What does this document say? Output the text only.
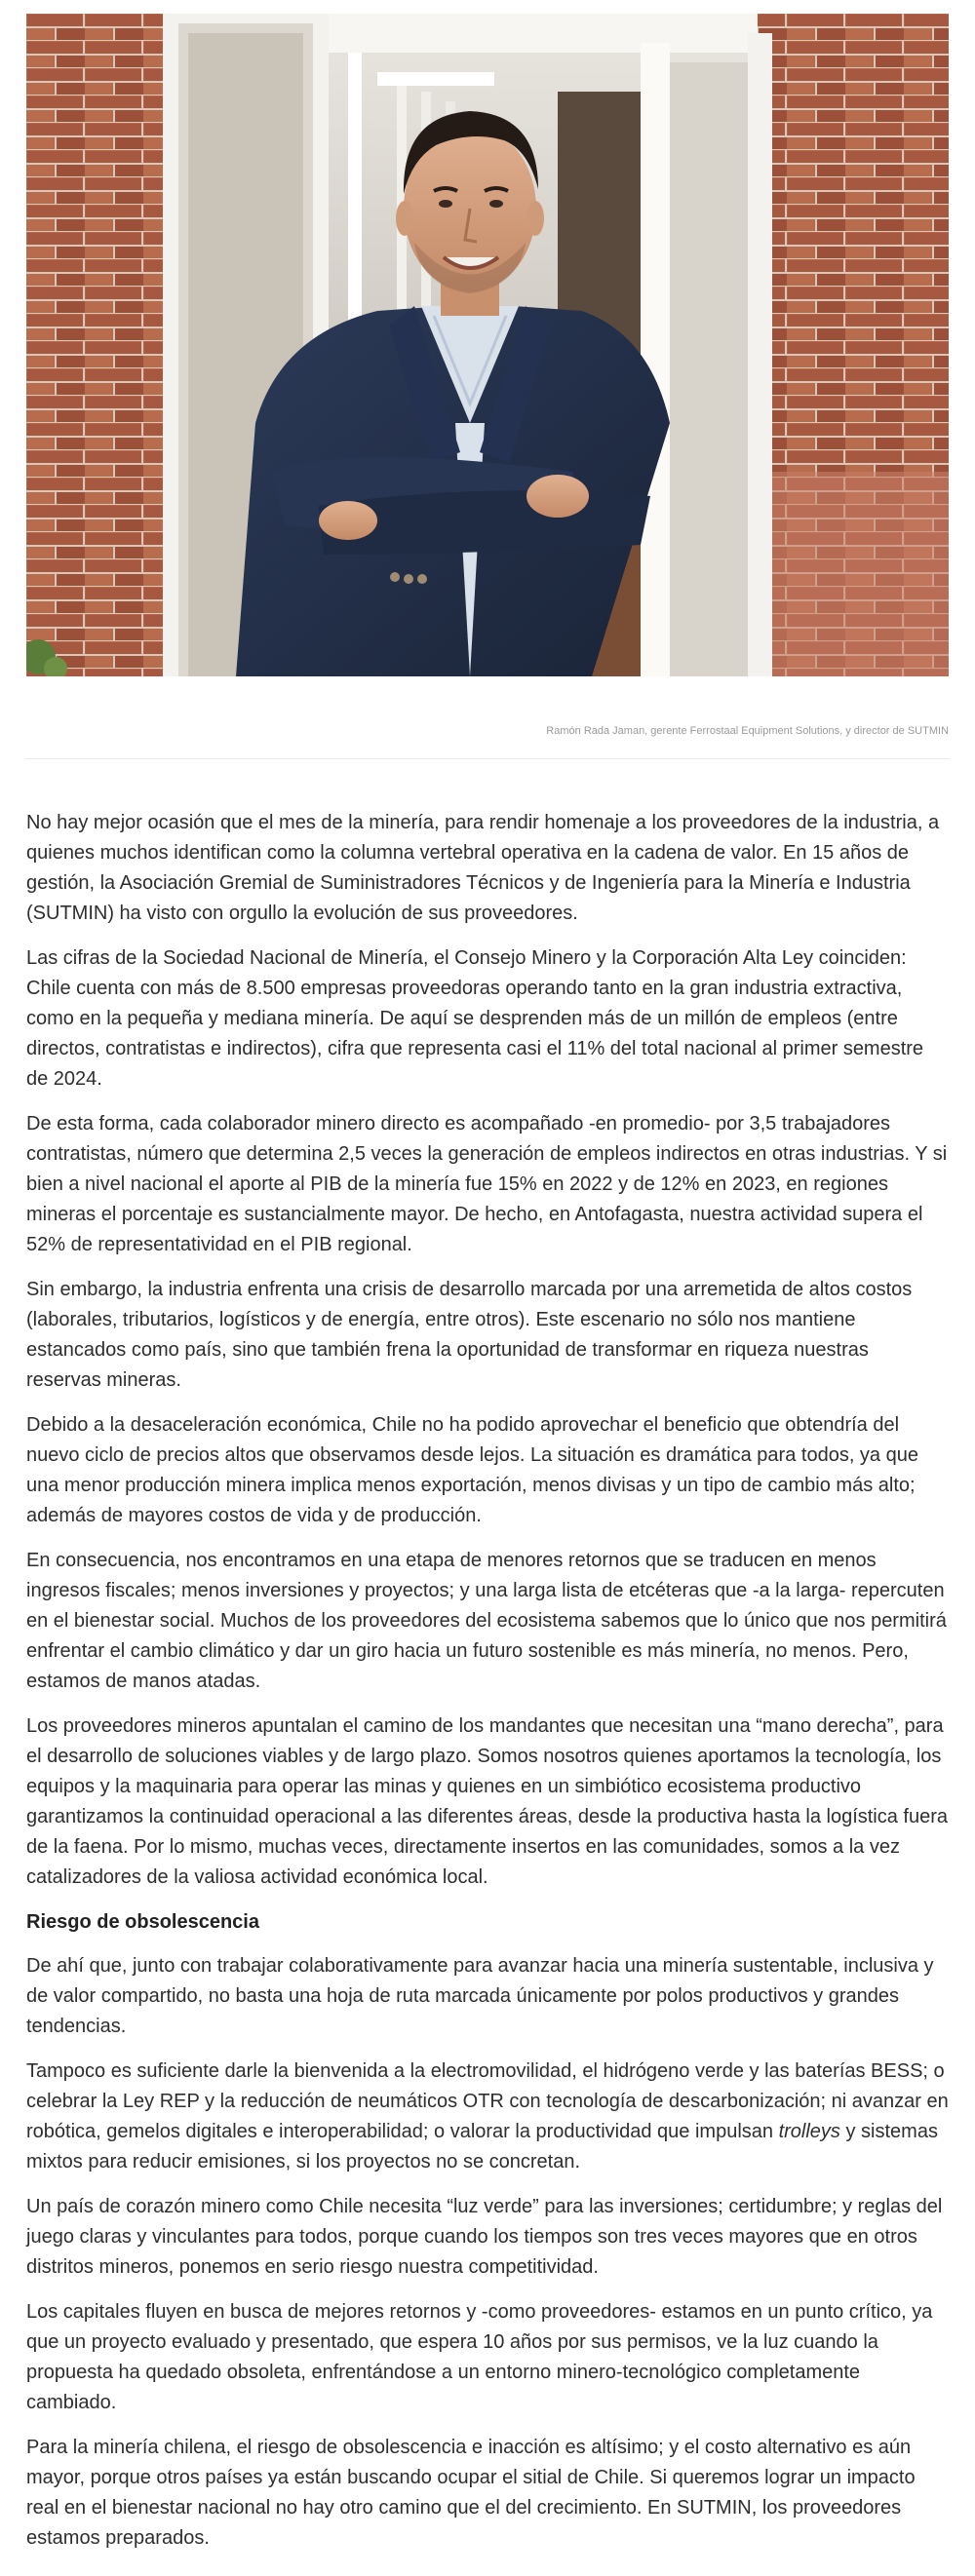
Ramón Rada Jaman, gerente Ferrostaal Equipment Solutions, y director de SUTMIN

No hay mejor ocasión que el mes de la minería, para rendir homenaje a los proveedores de la industria, a quienes muchos identifican como la columna vertebral operativa en la cadena de valor. En 15 años de gestión, la Asociación Gremial de Suministradores Técnicos y de Ingeniería para la Minería e Industria (SUTMIN) ha visto con orgullo la evolución de sus proveedores.

Las cifras de la Sociedad Nacional de Minería, el Consejo Minero y la Corporación Alta Ley coinciden: Chile cuenta con más de 8.500 empresas proveedoras operando tanto en la gran industria extractiva, como en la pequeña y mediana minería. De aquí se desprenden más de un millón de empleos (entre directos, contratistas e indirectos), cifra que representa casi el 11% del total nacional al primer semestre de 2024.

De esta forma, cada colaborador minero directo es acompañado -en promedio- por 3,5 trabajadores contratistas, número que determina 2,5 veces la generación de empleos indirectos en otras industrias. Y si bien a nivel nacional el aporte al PIB de la minería fue 15% en 2022 y de 12% en 2023, en regiones mineras el porcentaje es sustancialmente mayor. De hecho, en Antofagasta, nuestra actividad supera el 52% de representatividad en el PIB regional.

Sin embargo, la industria enfrenta una crisis de desarrollo marcada por una arremetida de altos costos (laborales, tributarios, logísticos y de energía, entre otros). Este escenario no sólo nos mantiene estancados como país, sino que también frena la oportunidad de transformar en riqueza nuestras reservas mineras.

Debido a la desaceleración económica, Chile no ha podido aprovechar el beneficio que obtendría del nuevo ciclo de precios altos que observamos desde lejos. La situación es dramática para todos, ya que una menor producción minera implica menos exportación, menos divisas y un tipo de cambio más alto; además de mayores costos de vida y de producción.

En consecuencia, nos encontramos en una etapa de menores retornos que se traducen en menos ingresos fiscales; menos inversiones y proyectos; y una larga lista de etcéteras que -a la larga- repercuten en el bienestar social. Muchos de los proveedores del ecosistema sabemos que lo único que nos permitirá enfrentar el cambio climático y dar un giro hacia un futuro sostenible es más minería, no menos. Pero, estamos de manos atadas.

Los proveedores mineros apuntalan el camino de los mandantes que necesitan una “mano derecha”, para el desarrollo de soluciones viables y de largo plazo. Somos nosotros quienes aportamos la tecnología, los equipos y la maquinaria para operar las minas y quienes en un simbiótico ecosistema productivo garantizamos la continuidad operacional a las diferentes áreas, desde la productiva hasta la logística fuera de la faena. Por lo mismo, muchas veces, directamente insertos en las comunidades, somos a la vez catalizadores de la valiosa actividad económica local.

Riesgo de obsolescencia

De ahí que, junto con trabajar colaborativamente para avanzar hacia una minería sustentable, inclusiva y de valor compartido, no basta una hoja de ruta marcada únicamente por polos productivos y grandes tendencias.

Tampoco es suficiente darle la bienvenida a la electromovilidad, el hidrógeno verde y las baterías BESS; o celebrar la Ley REP y la reducción de neumáticos OTR con tecnología de descarbonización; ni avanzar en robótica, gemelos digitales e interoperabilidad; o valorar la productividad que impulsan trolleys y sistemas mixtos para reducir emisiones, si los proyectos no se concretan.

Un país de corazón minero como Chile necesita “luz verde” para las inversiones; certidumbre; y reglas del juego claras y vinculantes para todos, porque cuando los tiempos son tres veces mayores que en otros distritos mineros, ponemos en serio riesgo nuestra competitividad.

Los capitales fluyen en busca de mejores retornos y -como proveedores- estamos en un punto crítico, ya que un proyecto evaluado y presentado, que espera 10 años por sus permisos, ve la luz cuando la propuesta ha quedado obsoleta, enfrentándose a un entorno minero-tecnológico completamente cambiado.

Para la minería chilena, el riesgo de obsolescencia e inacción es altísimo; y el costo alternativo es aún mayor, porque otros países ya están buscando ocupar el sitial de Chile. Si queremos lograr un impacto real en el bienestar nacional no hay otro camino que el del crecimiento. En SUTMIN, los proveedores estamos preparados.
